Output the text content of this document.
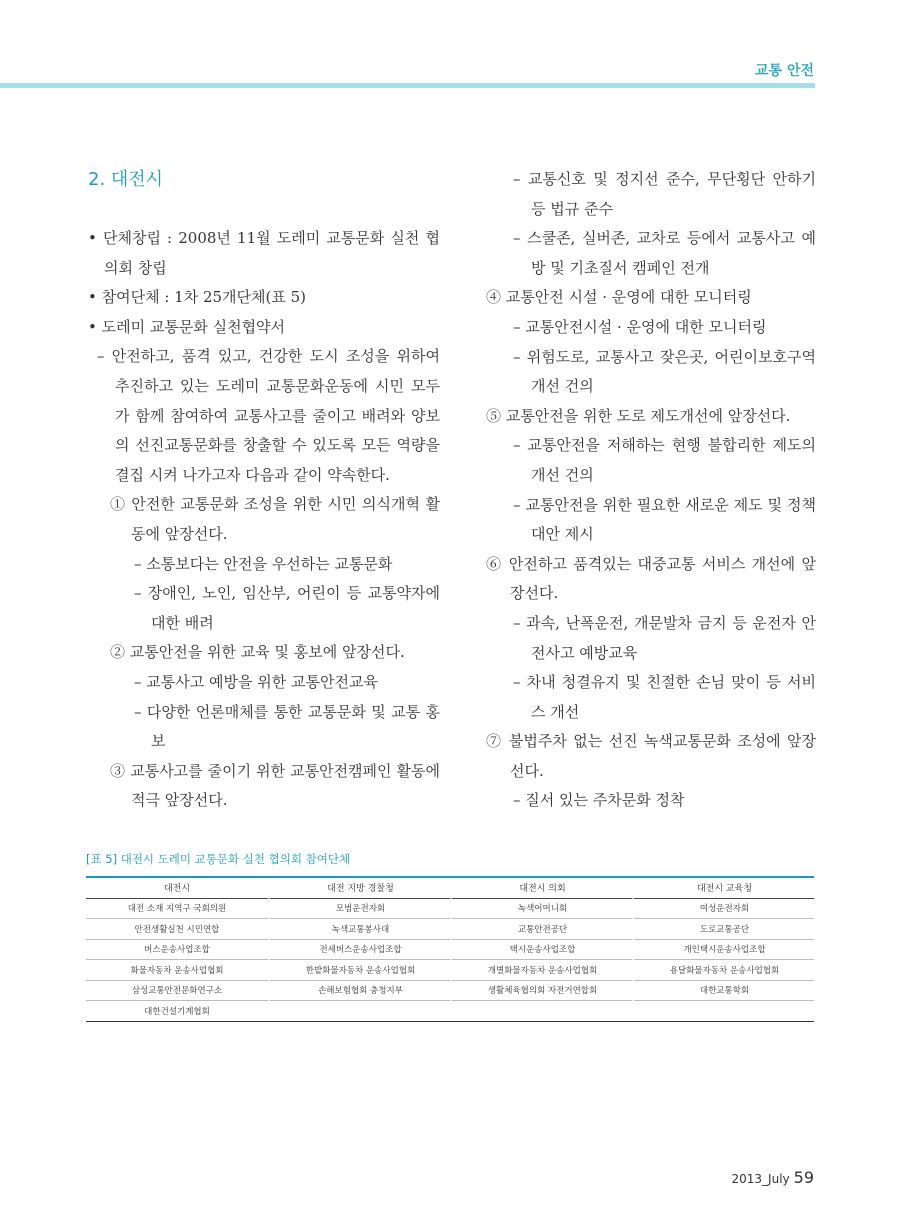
교통 안전
2. 대전시
• 단체창립 : 2008년 11월 도레미 교통문화 실천 협의회 창립
• 참여단체 : 1차 25개단체(표 5)
• 도레미 교통문화 실천협약서
– 안전하고, 품격 있고, 건강한 도시 조성을 위하여 추진하고 있는 도레미 교통문화운동에 시민 모두가 함께 참여하여 교통사고를 줄이고 배려와 양보의 선진교통문화를 창출할 수 있도록 모든 역량을 결집 시켜 나가고자 다음과 같이 약속한다.
① 안전한 교통문화 조성을 위한 시민 의식개혁 활동에 앞장선다.
– 소통보다는 안전을 우선하는 교통문화
– 장애인, 노인, 임산부, 어린이 등 교통약자에 대한 배려
② 교통안전을 위한 교육 및 홍보에 앞장선다.
– 교통사고 예방을 위한 교통안전교육
– 다양한 언론매체를 통한 교통문화 및 교통 홍보
③ 교통사고를 줄이기 위한 교통안전캠페인 활동에 적극 앞장선다.
– 교통신호 및 정지선 준수, 무단횡단 안하기 등 법규 준수
– 스쿨존, 실버존, 교차로 등에서 교통사고 예방 및 기초질서 캠페인 전개
④ 교통안전 시설 · 운영에 대한 모니터링
– 교통안전시설 · 운영에 대한 모니터링
– 위험도로, 교통사고 잦은곳, 어린이보호구역 개선 건의
⑤ 교통안전을 위한 도로 제도개선에 앞장선다.
– 교통안전을 저해하는 현행 불합리한 제도의 개선 건의
– 교통안전을 위한 필요한 새로운 제도 및 정책 대안 제시
⑥ 안전하고 품격있는 대중교통 서비스 개선에 앞장선다.
– 과속, 난폭운전, 개문발차 금지 등 운전자 안전사고 예방교육
– 차내 청결유지 및 친절한 손님 맞이 등 서비스 개선
⑦ 불법주차 없는 선진 녹색교통문화 조성에 앞장선다.
– 질서 있는 주차문화 정착
[표 5] 대전시 도레미 교통문화 실천 협의회 참여단체
대전시	대전 지방 경찰청	대전시 의회	대전시 교육청
대전 소재 지역구 국회의원	모범운전자회	녹색어머니회	여성운전자회
안전생활실천 시민연합	녹색교통봉사대	교통안전공단	도로교통공단
버스운송사업조합	전세버스운송사업조합	택시운송사업조합	개인택시운송사업조합
화물자동차 운송사업협회	한밭화물자동차 운송사업협회	개별화물자동차 운송사업협회	용달화물자동차 운송사업협회
삼성교통안전문화연구소	손해보험협회 충청지부	생활체육협의회 자전거연합회	대한교통학회
대한건설기계협회			
2013_July 59
